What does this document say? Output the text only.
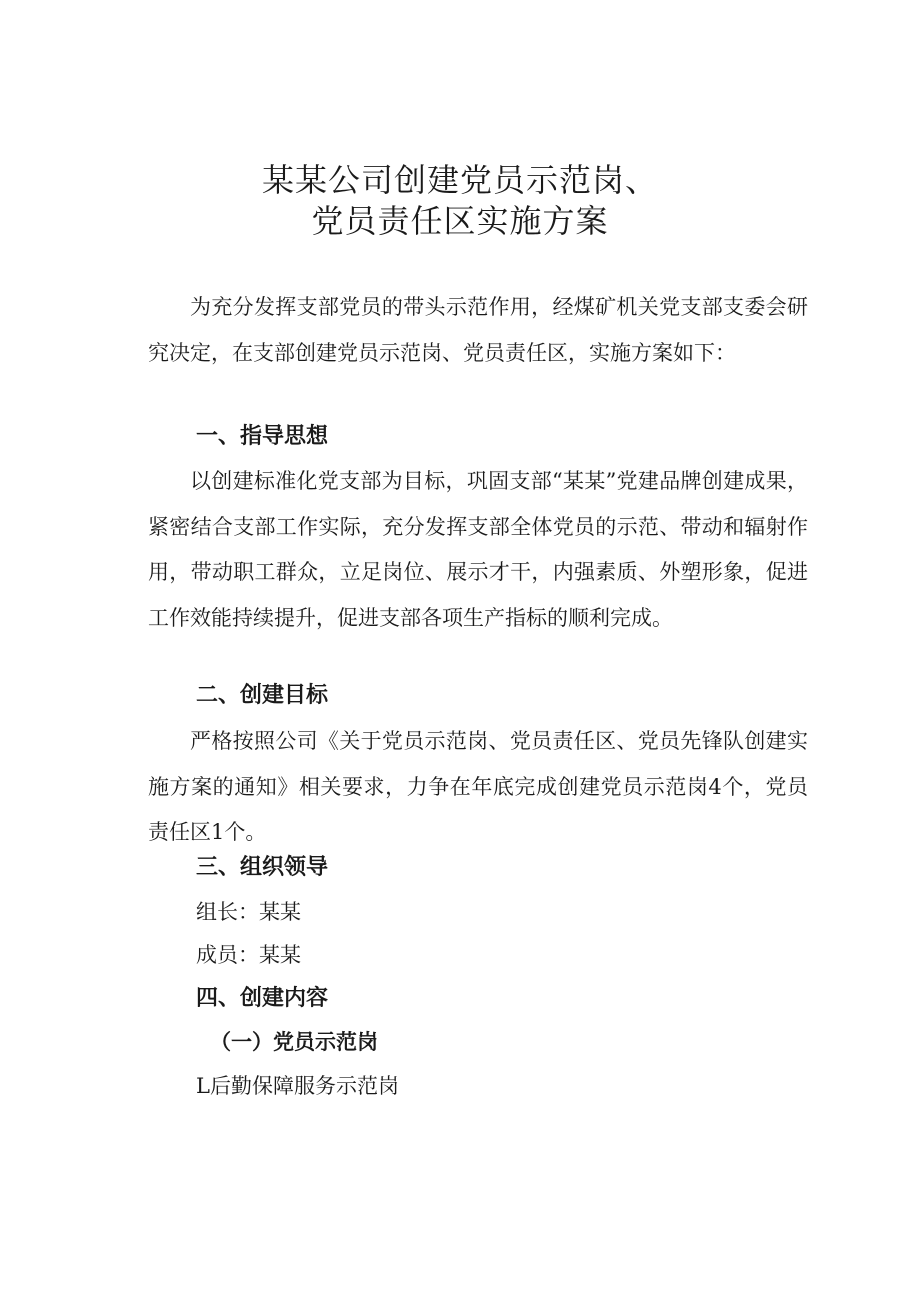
某某公司创建党员示范岗、
党员责任区实施方案

为充分发挥支部党员的带头示范作用，经煤矿机关党支部支委会研究决定，在支部创建党员示范岗、党员责任区，实施方案如下：

一、指导思想

以创建标准化党支部为目标，巩固支部“某某”党建品牌创建成果，紧密结合支部工作实际，充分发挥支部全体党员的示范、带动和辐射作用，带动职工群众，立足岗位、展示才干，内强素质、外塑形象，促进工作效能持续提升，促进支部各项生产指标的顺利完成。

二、创建目标

严格按照公司《关于党员示范岗、党员责任区、党员先锋队创建实施方案的通知》相关要求，力争在年底完成创建党员示范岗4个，党员责任区1个。

三、组织领导

组长：某某

成员：某某

四、创建内容

（一）党员示范岗

L后勤保障服务示范岗
